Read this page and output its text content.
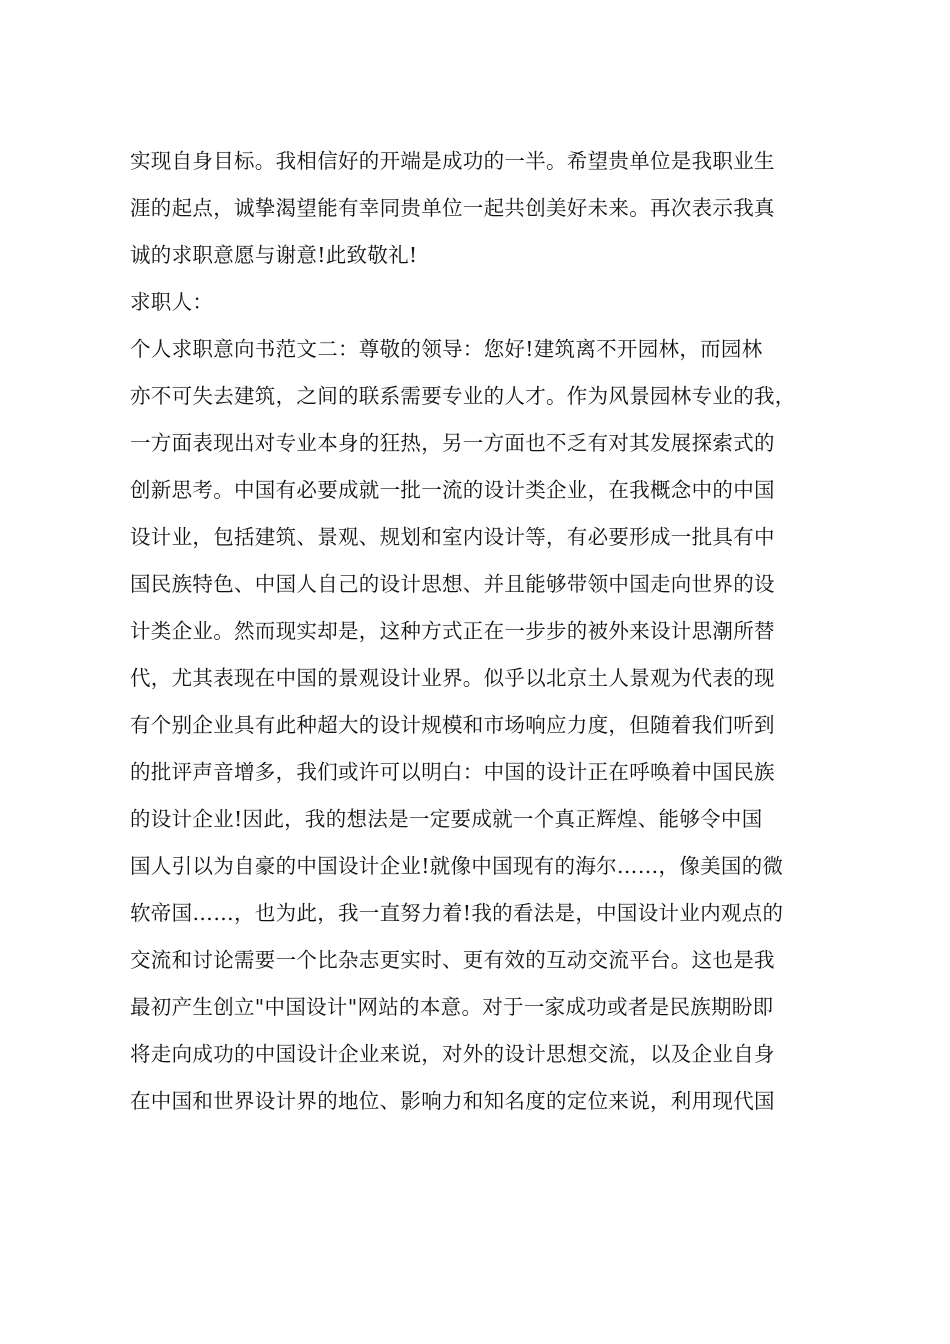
实现自身目标。我相信好的开端是成功的一半。希望贵单位是我职业生
涯的起点，诚挚渴望能有幸同贵单位一起共创美好未来。再次表示我真
诚的求职意愿与谢意!此致敬礼!
求职人：
个人求职意向书范文二：尊敬的领导：您好!建筑离不开园林，而园林
亦不可失去建筑，之间的联系需要专业的人才。作为风景园林专业的我，
一方面表现出对专业本身的狂热，另一方面也不乏有对其发展探索式的
创新思考。中国有必要成就一批一流的设计类企业，在我概念中的中国
设计业，包括建筑、景观、规划和室内设计等，有必要形成一批具有中
国民族特色、中国人自己的设计思想、并且能够带领中国走向世界的设
计类企业。然而现实却是，这种方式正在一步步的被外来设计思潮所替
代，尤其表现在中国的景观设计业界。似乎以北京土人景观为代表的现
有个别企业具有此种超大的设计规模和市场响应力度，但随着我们听到
的批评声音增多，我们或许可以明白：中国的设计正在呼唤着中国民族
的设计企业!因此，我的想法是一定要成就一个真正辉煌、能够令中国
国人引以为自豪的中国设计企业!就像中国现有的海尔……，像美国的微
软帝国……，也为此，我一直努力着!我的看法是，中国设计业内观点的
交流和讨论需要一个比杂志更实时、更有效的互动交流平台。这也是我
最初产生创立"中国设计"网站的本意。对于一家成功或者是民族期盼即
将走向成功的中国设计企业来说，对外的设计思想交流，以及企业自身
在中国和世界设计界的地位、影响力和知名度的定位来说，利用现代国
